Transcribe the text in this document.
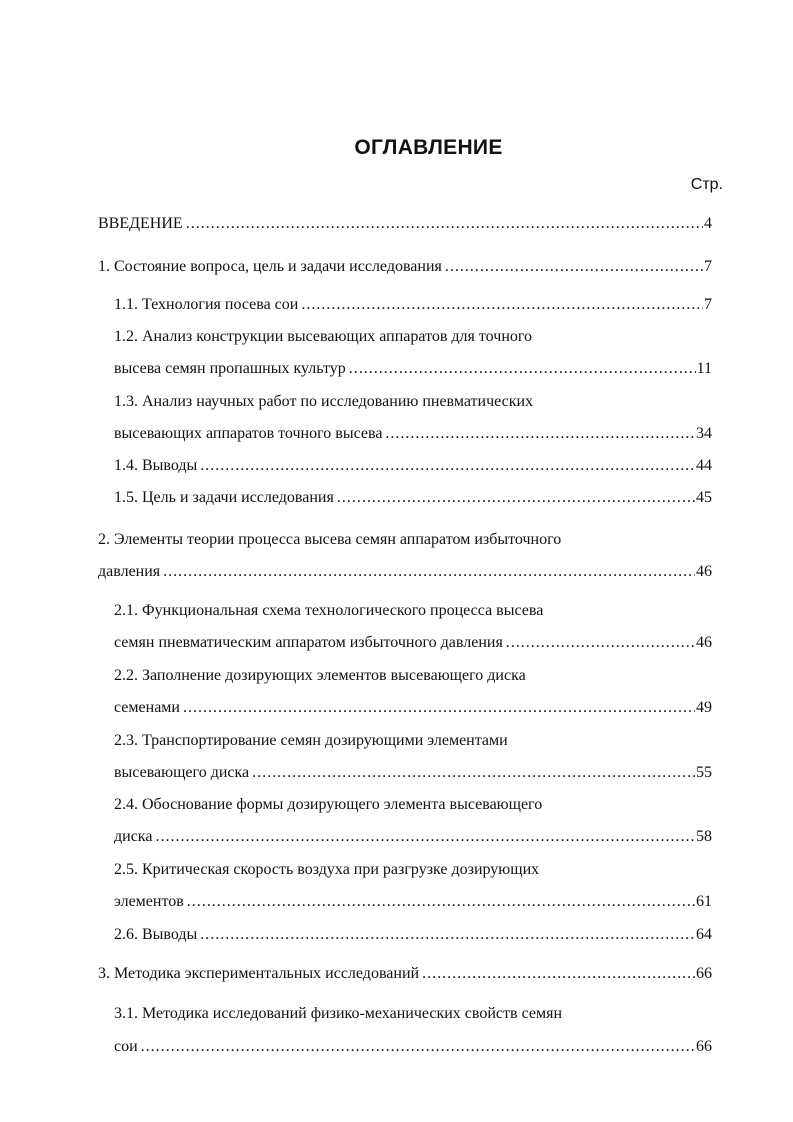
ОГЛАВЛЕНИЕ
Стр.
ВВЕДЕНИЕ .....	4
1. Состояние вопроса, цель и задачи исследования .....	7
1.1. Технология посева сои .....	7
1.2. Анализ конструкции высевающих аппаратов для точного
высева семян пропашных культур .....	11
1.3. Анализ научных работ по исследованию пневматических
высевающих аппаратов точного высева .....	34
1.4. Выводы .....	44
1.5. Цель и задачи исследования .....	45
2. Элементы теории процесса высева семян аппаратом избыточного
давления .....	46
2.1. Функциональная схема технологического процесса высева
семян пневматическим аппаратом избыточного давления .....	46
2.2. Заполнение дозирующих элементов высевающего диска
семенами .....	49
2.3. Транспортирование семян дозирующими элементами
высевающего диска .....	55
2.4. Обоснование формы дозирующего элемента высевающего
диска .....	58
2.5. Критическая скорость воздуха при разгрузке дозирующих
элементов .....	61
2.6. Выводы .....	64
3. Методика экспериментальных исследований .....	66
3.1. Методика исследований физико-механических свойств семян
сои .....	66
